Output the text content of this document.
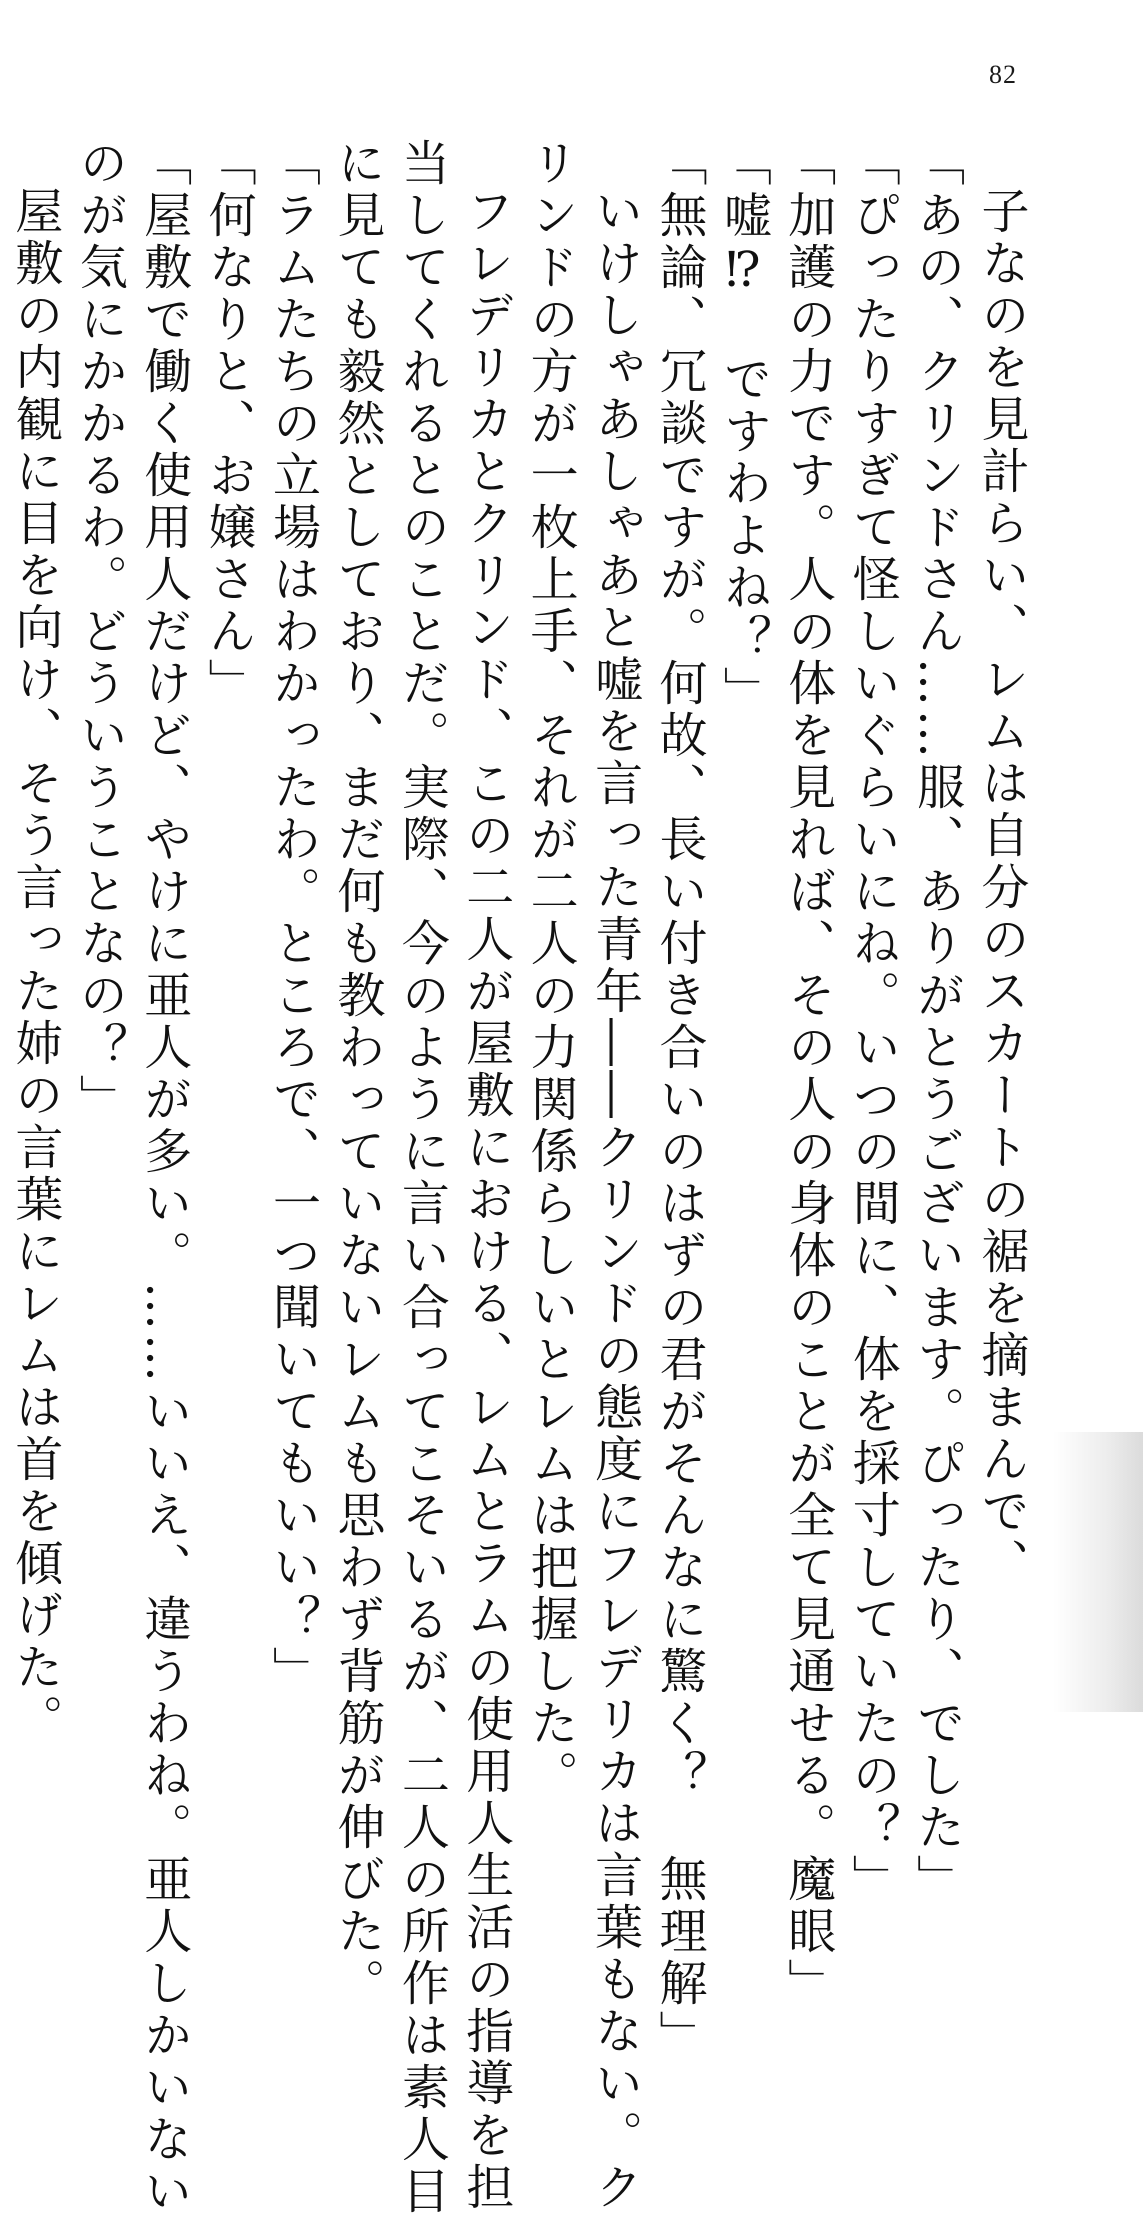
82

子なのを見計らい、レムは自分のスカートの裾を摘まんで、

「あの、クリンドさん……服、ありがとうございます。ぴったり、でした」

「ぴったりすぎて怪しいぐらいにね。いつの間に、体を採寸していたの？」

「加護の力です。人の体を見れば、その人の身体のことが全て見通せる。魔眼」

「嘘⁉　ですわよね？」

「無論、冗談ですが。何故、長い付き合いのはずの君がそんなに驚く？　無理解」

いけしゃあしゃあと嘘を言った青年――クリンドの態度にフレデリカは言葉もない。ク

リンドの方が一枚上手、それが二人の力関係らしいとレムは把握した。

フレデリカとクリンド、この二人が屋敷における、レムとラムの使用人生活の指導を担

当してくれるとのことだ。実際、今のように言い合ってこそいるが、二人の所作は素人目

に見ても毅然としており、まだ何も教わっていないレムも思わず背筋が伸びた。

「ラムたちの立場はわかったわ。ところで、一つ聞いてもいい？」

「何なりと、お嬢さん」

「屋敷で働く使用人だけど、やけに亜人が多い。……いいえ、違うわね。亜人しかいない

のが気にかかるわ。どういうことなの？」

屋敷の内観に目を向け、そう言った姉の言葉にレムは首を傾げた。
